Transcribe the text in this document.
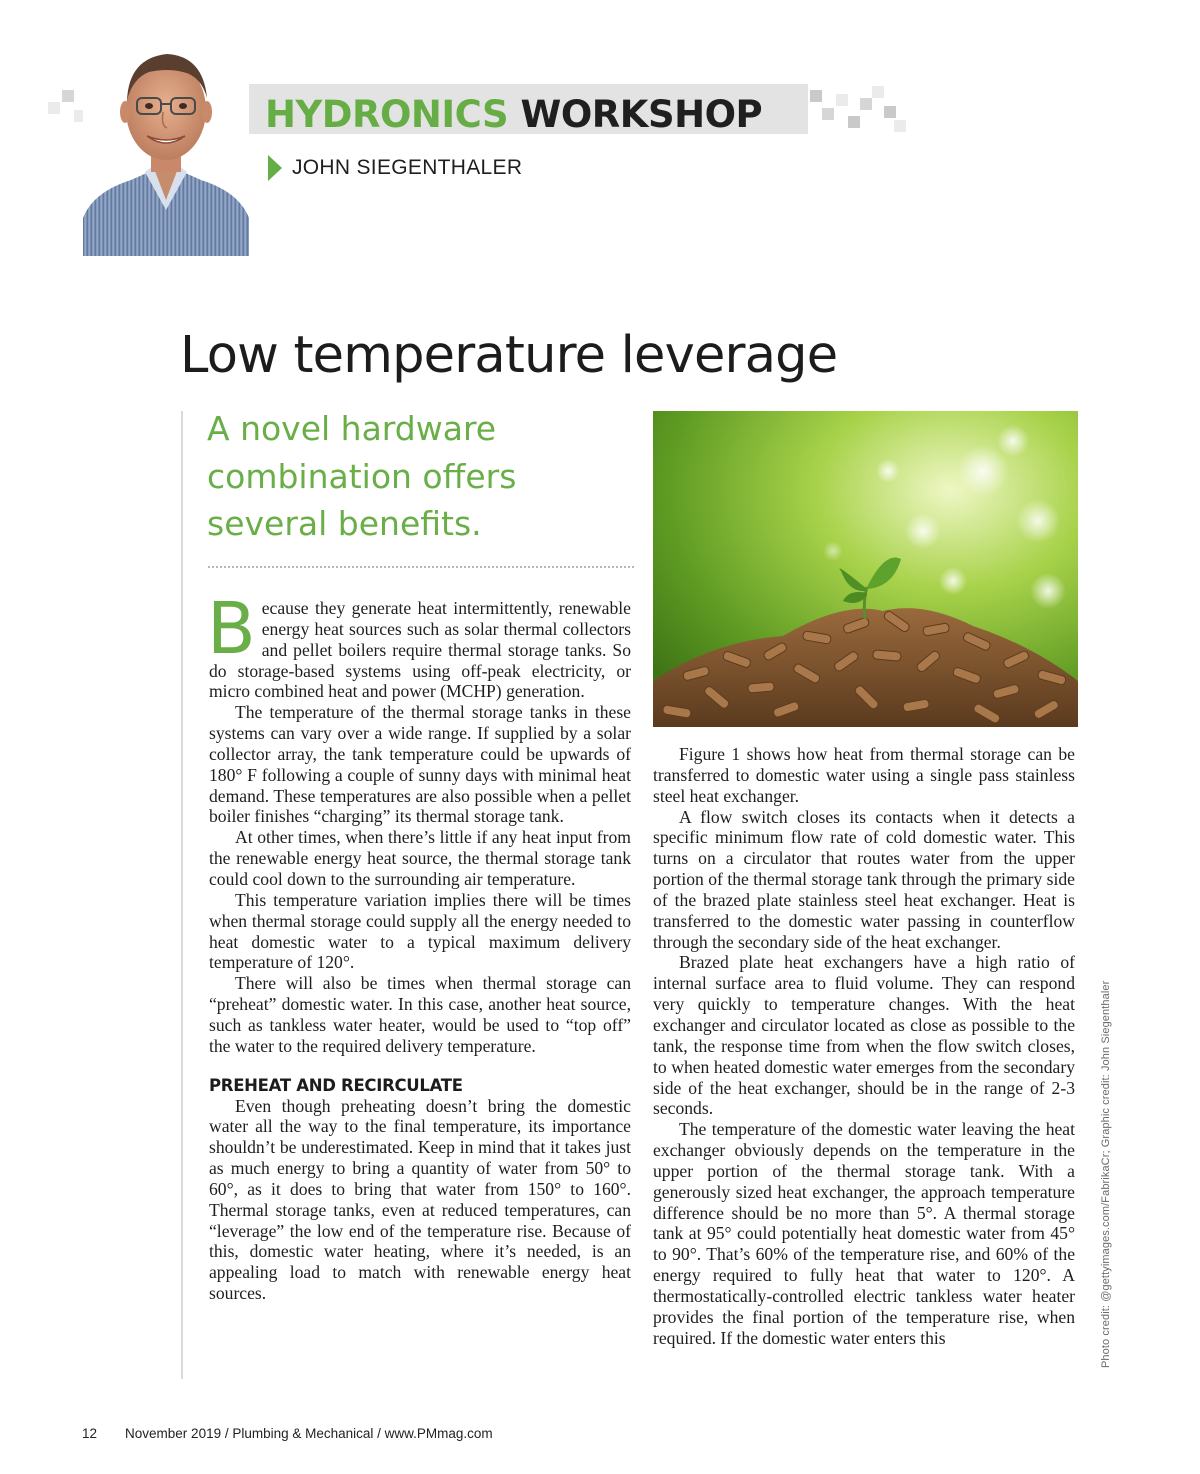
HYDRONICS WORKSHOP
JOHN SIEGENTHALER
Low temperature leverage
A novel hardware
combination offers
several benefits.
B ecause they generate heat intermittently, renewable energy heat sources such as solar thermal collectors and pellet boilers require thermal storage tanks. So do storage-based systems using off-peak electricity, or micro combined heat and power (MCHP) generation.
The temperature of the thermal storage tanks in these systems can vary over a wide range. If supplied by a solar collector array, the tank temperature could be upwards of 180° F following a couple of sunny days with minimal heat demand. These temperatures are also possible when a pellet boiler finishes “charging” its thermal storage tank.
At other times, when there’s little if any heat input from the renewable energy heat source, the thermal storage tank could cool down to the surrounding air temperature.
This temperature variation implies there will be times when thermal storage could supply all the energy needed to heat domestic water to a typical maximum delivery temperature of 120°.
There will also be times when thermal storage can “preheat” domestic water. In this case, another heat source, such as tankless water heater, would be used to “top off” the water to the required delivery temperature.
PREHEAT AND RECIRCULATE
Even though preheating doesn’t bring the domestic water all the way to the final temperature, its importance shouldn’t be underestimated. Keep in mind that it takes just as much energy to bring a quantity of water from 50° to 60°, as it does to bring that water from 150° to 160°. Thermal storage tanks, even at reduced temperatures, can “leverage” the low end of the temperature rise. Because of this, domestic water heating, where it’s needed, is an appealing load to match with renewable energy heat sources.
Figure 1 shows how heat from thermal storage can be transferred to domestic water using a single pass stainless steel heat exchanger.
A flow switch closes its contacts when it detects a specific minimum flow rate of cold domestic water. This turns on a circulator that routes water from the upper portion of the thermal storage tank through the primary side of the brazed plate stainless steel heat exchanger. Heat is transferred to the domestic water passing in counterflow through the secondary side of the heat exchanger.
Brazed plate heat exchangers have a high ratio of internal surface area to fluid volume. They can respond very quickly to temperature changes. With the heat exchanger and circulator located as close as possible to the tank, the response time from when the flow switch closes, to when heated domestic water emerges from the secondary side of the heat exchanger, should be in the range of 2-3 seconds.
The temperature of the domestic water leaving the heat exchanger obviously depends on the temperature in the upper portion of the thermal storage tank. With a generously sized heat exchanger, the approach temperature difference should be no more than 5°. A thermal storage tank at 95° could potentially heat domestic water from 45° to 90°. That’s 60% of the temperature rise, and 60% of the energy required to fully heat that water to 120°. A thermostatically-controlled electric tankless water heater provides the final portion of the temperature rise, when required. If the domestic water enters this	Photo credit: @gettyimages.com/FabrikaCr; Graphic credit: John Siegenthaler
12 November 2019 / Plumbing & Mechanical / www.PMmag.com
